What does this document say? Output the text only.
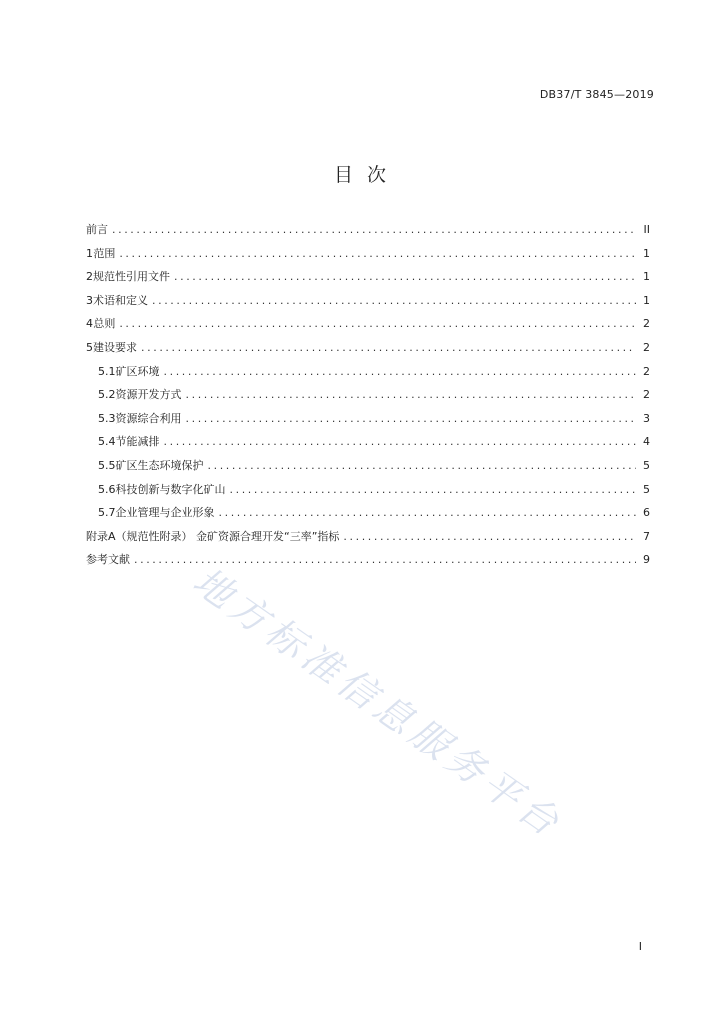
DB37/T 3845—2019
目 次
前言 .....	II
1 范围 .....	1
2 规范性引用文件 .....	1
3 术语和定义 .....	1
4 总则 .....	2
5 建设要求 .....	2
5.1 矿区环境 .....	2
5.2 资源开发方式 .....	2
5.3 资源综合利用 .....	3
5.4 节能减排 .....	4
5.5 矿区生态环境保护 .....	5
5.6 科技创新与数字化矿山 .....	5
5.7 企业管理与企业形象 .....	6
附录A（规范性附录） 金矿资源合理开发“三率”指标 .....	7
参考文献 .....	9
地方标准信息服务平台
I
